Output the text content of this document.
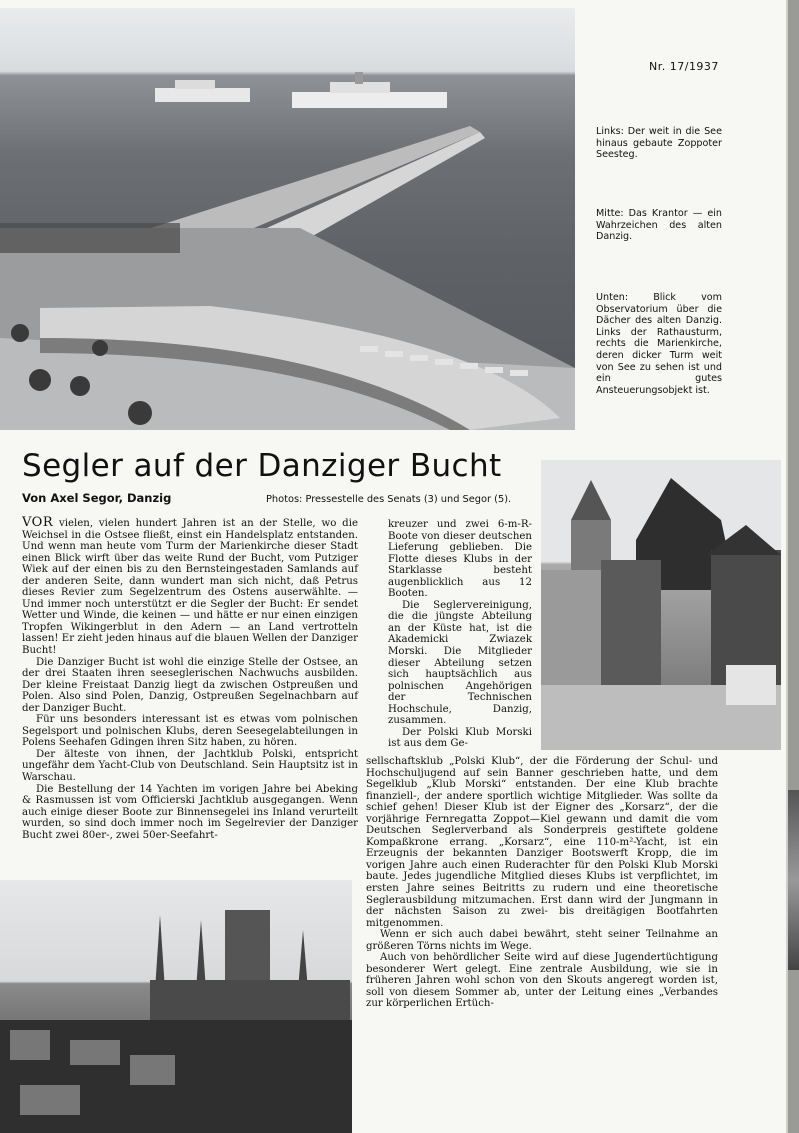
Nr. 17/1937
Links: Der weit in die See hinaus gebaute Zoppoter Seesteg.
Mitte: Das Krantor — ein Wahrzeichen des alten Danzig.
Unten: Blick vom Observatorium über die Dächer des alten Danzig. Links der Rathausturm, rechts die Marienkirche, deren dicker Turm weit von See zu sehen ist und ein gutes Ansteuerungsobjekt ist.
Segler auf der Danziger Bucht
Von Axel Segor, Danzig	Photos: Pressestelle des Senats (3) und Segor (5).

VOR vielen, vielen hundert Jahren ist an der Stelle, wo die Weichsel in die Ostsee fließt, einst ein Handelsplatz entstanden. Und wenn man heute vom Turm der Marienkirche dieser Stadt einen Blick wirft über das weite Rund der Bucht, vom Putziger Wiek auf der einen bis zu den Bernsteingestaden Samlands auf der anderen Seite, dann wundert man sich nicht, daß Petrus dieses Revier zum Segelzentrum des Ostens auserwählte. — Und immer noch unterstützt er die Segler der Bucht: Er sendet Wetter und Winde, die keinen — und hätte er nur einen einzigen Tropfen Wikingerblut in den Adern — an Land vertrotteln lassen! Er zieht jeden hinaus auf die blauen Wellen der Danziger Bucht!

Die Danziger Bucht ist wohl die einzige Stelle der Ostsee, an der drei Staaten ihren seeseglerischen Nachwuchs ausbilden. Der kleine Freistaat Danzig liegt da zwischen Ostpreußen und Polen. Also sind Polen, Danzig, Ostpreußen Segelnachbarn auf der Danziger Bucht.

Für uns besonders interessant ist es etwas vom polnischen Segelsport und polnischen Klubs, deren Seesegelabteilungen in Polens Seehafen Gdingen ihren Sitz haben, zu hören.

Der älteste von ihnen, der Jachtklub Polski, entspricht ungefähr dem Yacht-Club von Deutschland. Sein Hauptsitz ist in Warschau.

Die Bestellung der 14 Yachten im vorigen Jahre bei Abeking & Rasmussen ist vom Officierski Jachtklub ausgegangen. Wenn auch einige dieser Boote zur Binnensegelei ins Inland verurteilt wurden, so sind doch immer noch im Segelrevier der Danziger Bucht zwei 80er-, zwei 50er-Seefahrt-

kreuzer und zwei 6-m-R-Boote von dieser deutschen Lieferung geblieben. Die Flotte dieses Klubs in der Starklasse besteht augenblicklich aus 12 Booten.

Die Seglervereinigung, die die jüngste Abteilung an der Küste hat, ist die Akademicki Zwiazek Morski. Die Mitglieder dieser Abteilung setzen sich hauptsächlich aus polnischen Angehörigen der Technischen Hochschule, Danzig, zusammen.

Der Polski Klub Morski ist aus dem Ge-

sellschaftsklub „Polski Klub“, der die Förderung der Schul- und Hochschuljugend auf sein Banner geschrieben hatte, und dem Segelklub „Klub Morski“ entstanden. Der eine Klub brachte finanziell-, der andere sportlich wichtige Mitglieder. Was sollte da schief gehen! Dieser Klub ist der Eigner des „Korsarz“, der die vorjährige Fernregatta Zoppot—Kiel gewann und damit die vom Deutschen Seglerverband als Sonderpreis gestiftete goldene Kompaßkrone errang. „Korsarz“, eine 110-m²-Yacht, ist ein Erzeugnis der bekannten Danziger Bootswerft Kropp, die im vorigen Jahre auch einen Ruderachter für den Polski Klub Morski baute. Jedes jugendliche Mitglied dieses Klubs ist verpflichtet, im ersten Jahre seines Beitritts zu rudern und eine theoretische Seglerausbildung mitzumachen. Erst dann wird der Jungmann in der nächsten Saison zu zwei- bis dreitägigen Bootfahrten mitgenommen.

Wenn er sich auch dabei bewährt, steht seiner Teilnahme an größeren Törns nichts im Wege.

Auch von behördlicher Seite wird auf diese Jugendertüchtigung besonderer Wert gelegt. Eine zentrale Ausbildung, wie sie in früheren Jahren wohl schon von den Skouts angeregt worden ist, soll von diesem Sommer ab, unter der Leitung eines „Verbandes zur körperlichen Ertüch-
